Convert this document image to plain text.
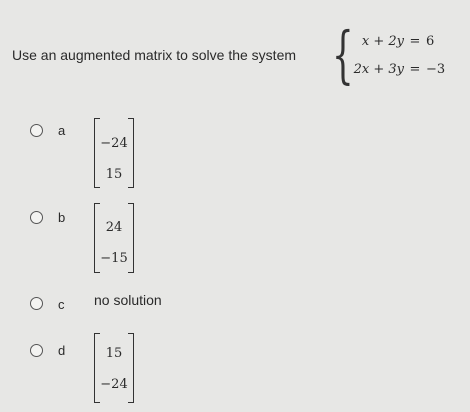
Use an augmented matrix to solve the system { x + 2y = 6
2x + 3y = −3
a
−24
15
b
24
−15
c no solution
d	15
−24
